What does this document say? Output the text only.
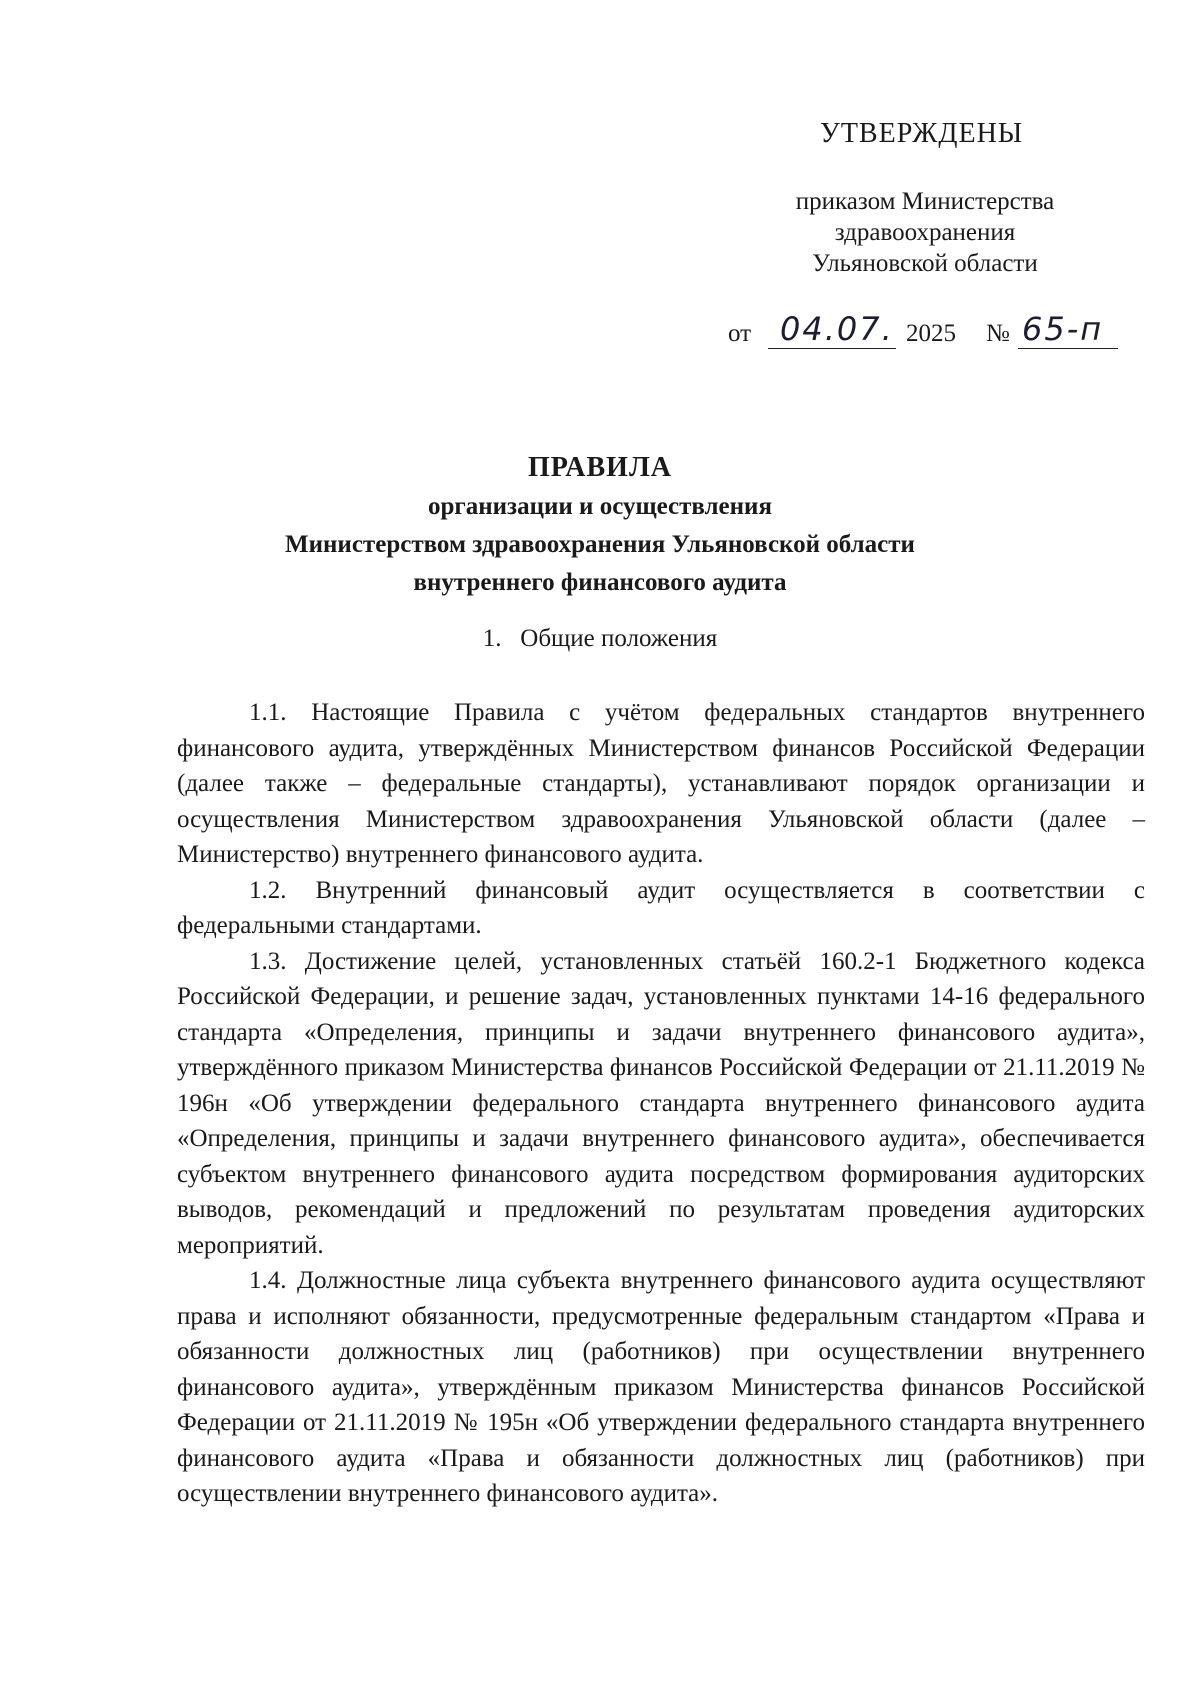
УТВЕРЖДЕНЫ
приказом Министерства
здравоохранения
Ульяновской области
от 04.07. 2025 № 65-п
ПРАВИЛА
организации и осуществления
Министерством здравоохранения Ульяновской области
внутреннего финансового аудита
1.   Общие положения

1.1. Настоящие Правила с учётом федеральных стандартов внутреннего финансового аудита, утверждённых Министерством финансов Российской Федерации (далее также – федеральные стандарты), устанавливают порядок организации и осуществления Министерством здравоохранения Ульяновской области (далее – Министерство) внутреннего финансового аудита.

1.2. Внутренний финансовый аудит осуществляется в соответствии с федеральными стандартами.

1.3. Достижение целей, установленных статьёй 160.2-1 Бюджетного кодекса Российской Федерации, и решение задач, установленных пунктами 14-16 федерального стандарта «Определения, принципы и задачи внутреннего финансового аудита», утверждённого приказом Министерства финансов Российской Федерации от 21.11.2019 № 196н «Об утверждении федерального стандарта внутреннего финансового аудита «Определения, принципы и задачи внутреннего финансового аудита», обеспечивается субъектом внутреннего финансового аудита посредством формирования аудиторских выводов, рекомендаций и предложений по результатам проведения аудиторских мероприятий.

1.4. Должностные лица субъекта внутреннего финансового аудита осуществляют права и исполняют обязанности, предусмотренные федеральным стандартом «Права и обязанности должностных лиц (работников) при осуществлении внутреннего финансового аудита», утверждённым приказом Министерства финансов Российской Федерации от 21.11.2019 № 195н «Об утверждении федерального стандарта внутреннего финансового аудита «Права и обязанности должностных лиц (работников) при осуществлении внутреннего финансового аудита».
